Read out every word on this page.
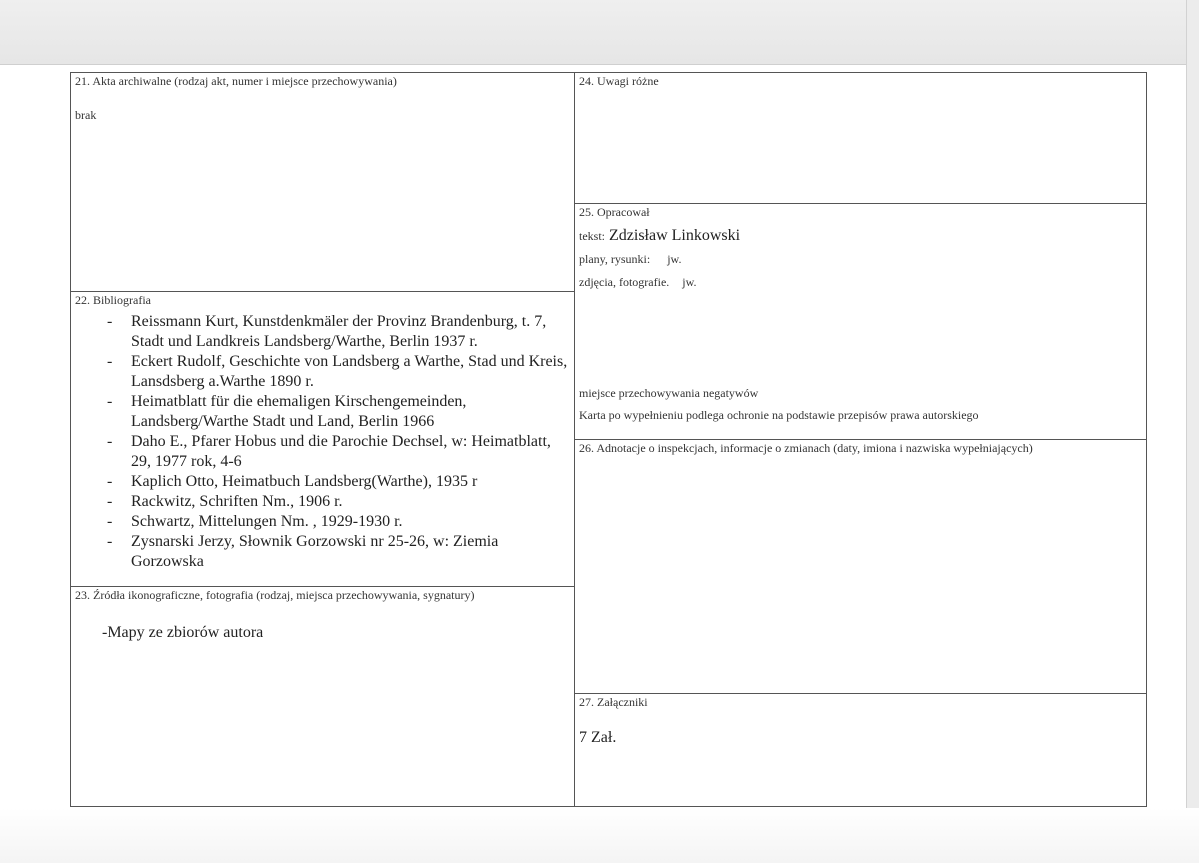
21. Akta archiwalne (rodzaj akt, numer i miejsce przechowywania)
brak
22. Bibliografia
- Reissmann Kurt, Kunstdenkmäler der Provinz Brandenburg, t. 7, Stadt und Landkreis Landsberg/Warthe, Berlin 1937 r.
- Eckert Rudolf, Geschichte von Landsberg a Warthe, Stad und Kreis, Lansdsberg a.Warthe 1890 r.
- Heimatblatt für die ehemaligen Kirschengemeinden, Landsberg/Warthe Stadt und Land, Berlin 1966
- Daho E., Pfarer Hobus und die Parochie Dechsel, w: Heimatblatt, 29, 1977 rok, 4-6
- Kaplich Otto, Heimatbuch Landsberg(Warthe), 1935 r
- Rackwitz, Schriften Nm., 1906 r.
- Schwartz, Mittelungen Nm. , 1929-1930 r.
- Zysnarski Jerzy, Słownik Gorzowski nr 25-26, w: Ziemia Gorzowska
23. Źródła ikonograficzne, fotografia (rodzaj, miejsca przechowywania, sygnatury)
-Mapy ze zbiorów autora
24. Uwagi różne
25. Opracował
tekst: Zdzisław Linkowski
plany, rysunki: jw.
zdjęcia, fotografie. jw.
miejsce przechowywania negatywów
Karta po wypełnieniu podlega ochronie na podstawie przepisów prawa autorskiego
26. Adnotacje o inspekcjach, informacje o zmianach (daty, imiona i nazwiska wypełniających)
27. Załączniki
7 Zał.
